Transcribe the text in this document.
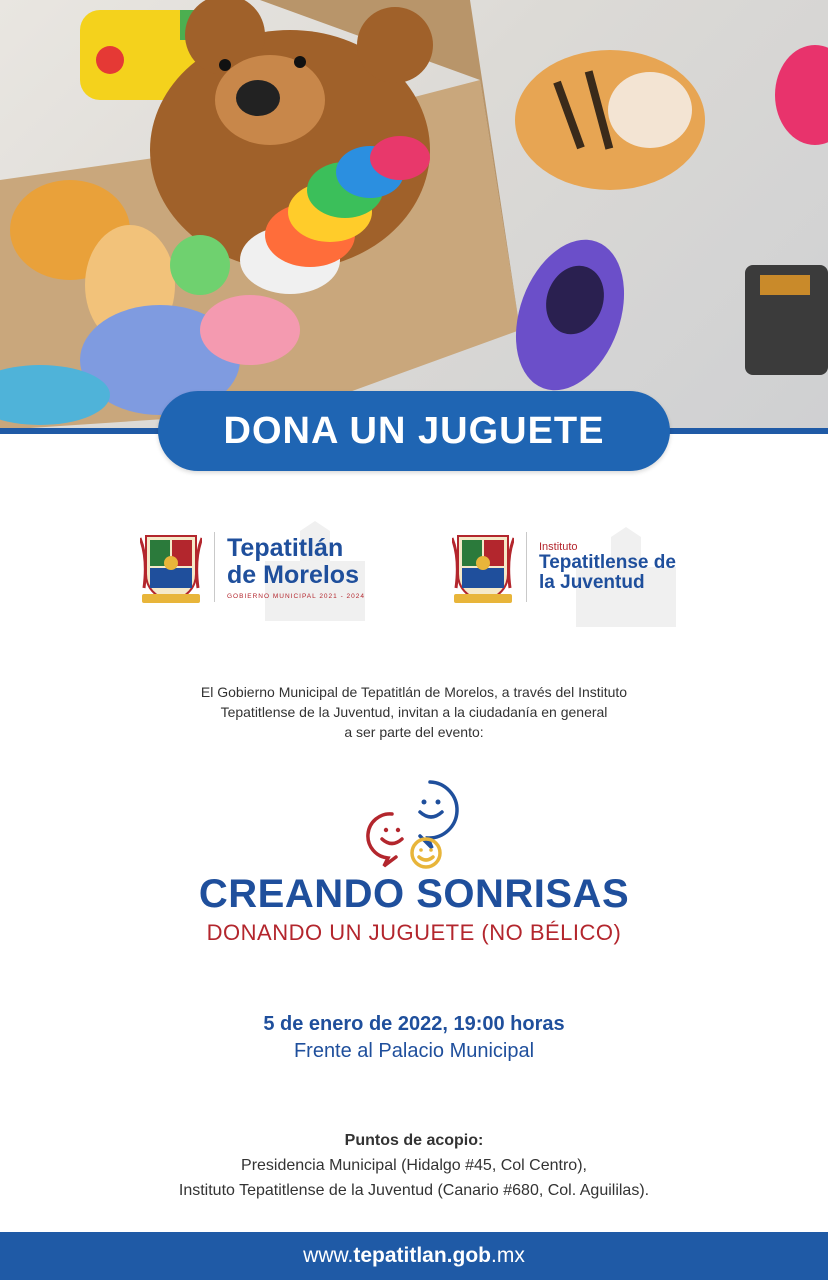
DONA UN JUGUETE
Tepatitlán
de Morelos
GOBIERNO MUNICIPAL 2021 - 2024
Instituto
Tepatitlense de
la Juventud
El Gobierno Municipal de Tepatitlán de Morelos, a través del Instituto
Tepatitlense de la Juventud, invitan a la ciudadanía en general
a ser parte del evento:
CREANDO SONRISAS
DONANDO UN JUGUETE (NO BÉLICO)
5 de enero de 2022, 19:00 horas
Frente al Palacio Municipal
Puntos de acopio:
Presidencia Municipal (Hidalgo #45, Col Centro),
Instituto Tepatitlense de la Juventud (Canario #680, Col. Aguililas).
www. tepatitlan.gob .mx
